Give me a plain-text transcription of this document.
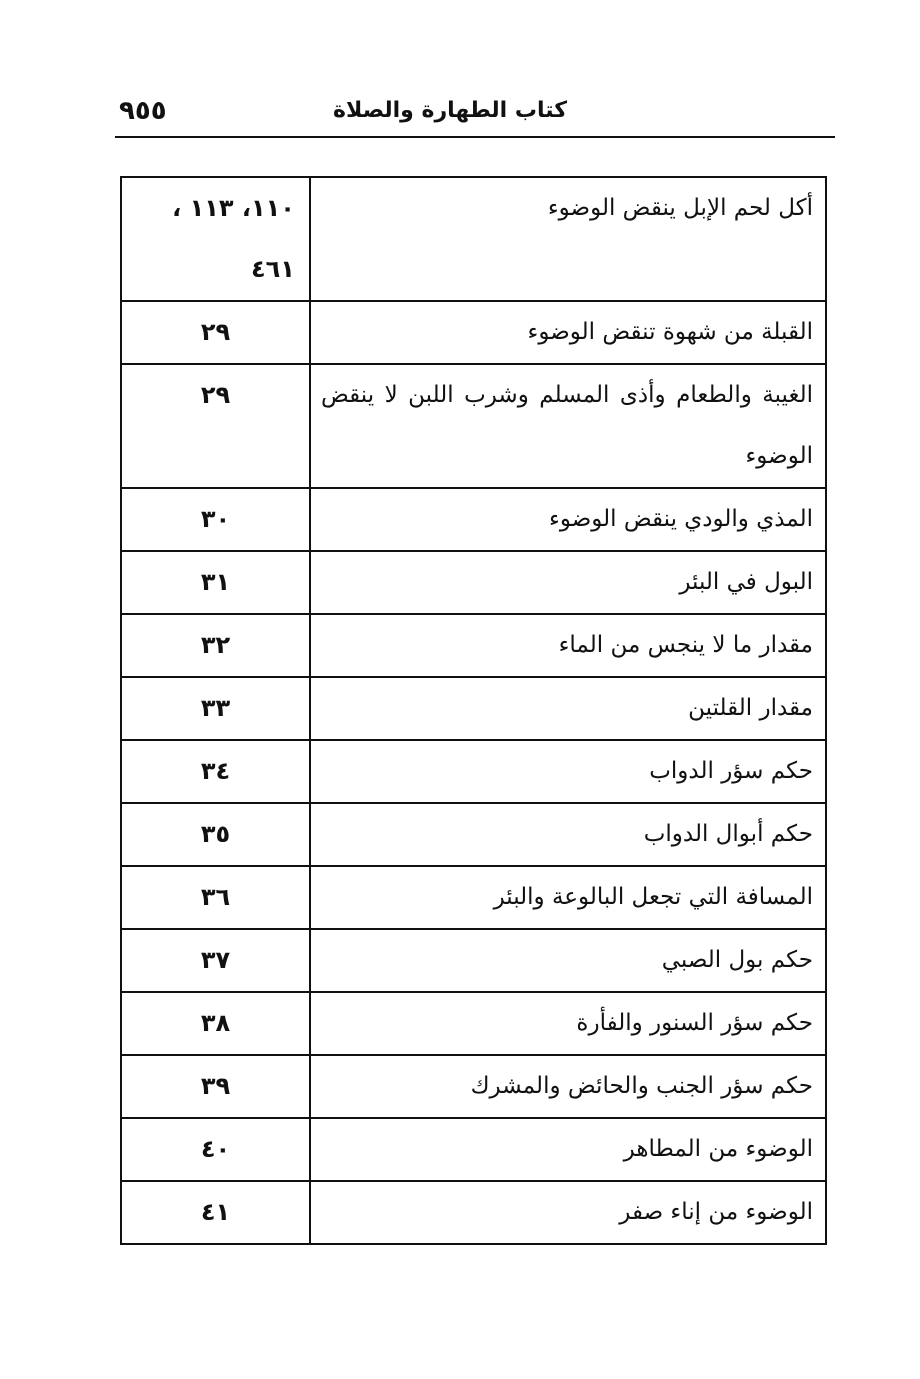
٩٥٥	كتاب الطهارة والصلاة
أكل لحم الإبل ينقض الوضوء	١١٠، ١١٣ ، ٤٦١
القبلة من شهوة تنقض الوضوء	٢٩
الغيبة والطعام وأذى المسلم وشرب اللبن لا ينقض الوضوء	٢٩
المذي والودي ينقض الوضوء	٣٠
البول في البئر	٣١
مقدار ما لا ينجس من الماء	٣٢
مقدار القلتين	٣٣
حكم سؤر الدواب	٣٤
حكم أبوال الدواب	٣٥
المسافة التي تجعل البالوعة والبئر	٣٦
حكم بول الصبي	٣٧
حكم سؤر السنور والفأرة	٣٨
حكم سؤر الجنب والحائض والمشرك	٣٩
الوضوء من المطاهر	٤٠
الوضوء من إناء صفر	٤١
